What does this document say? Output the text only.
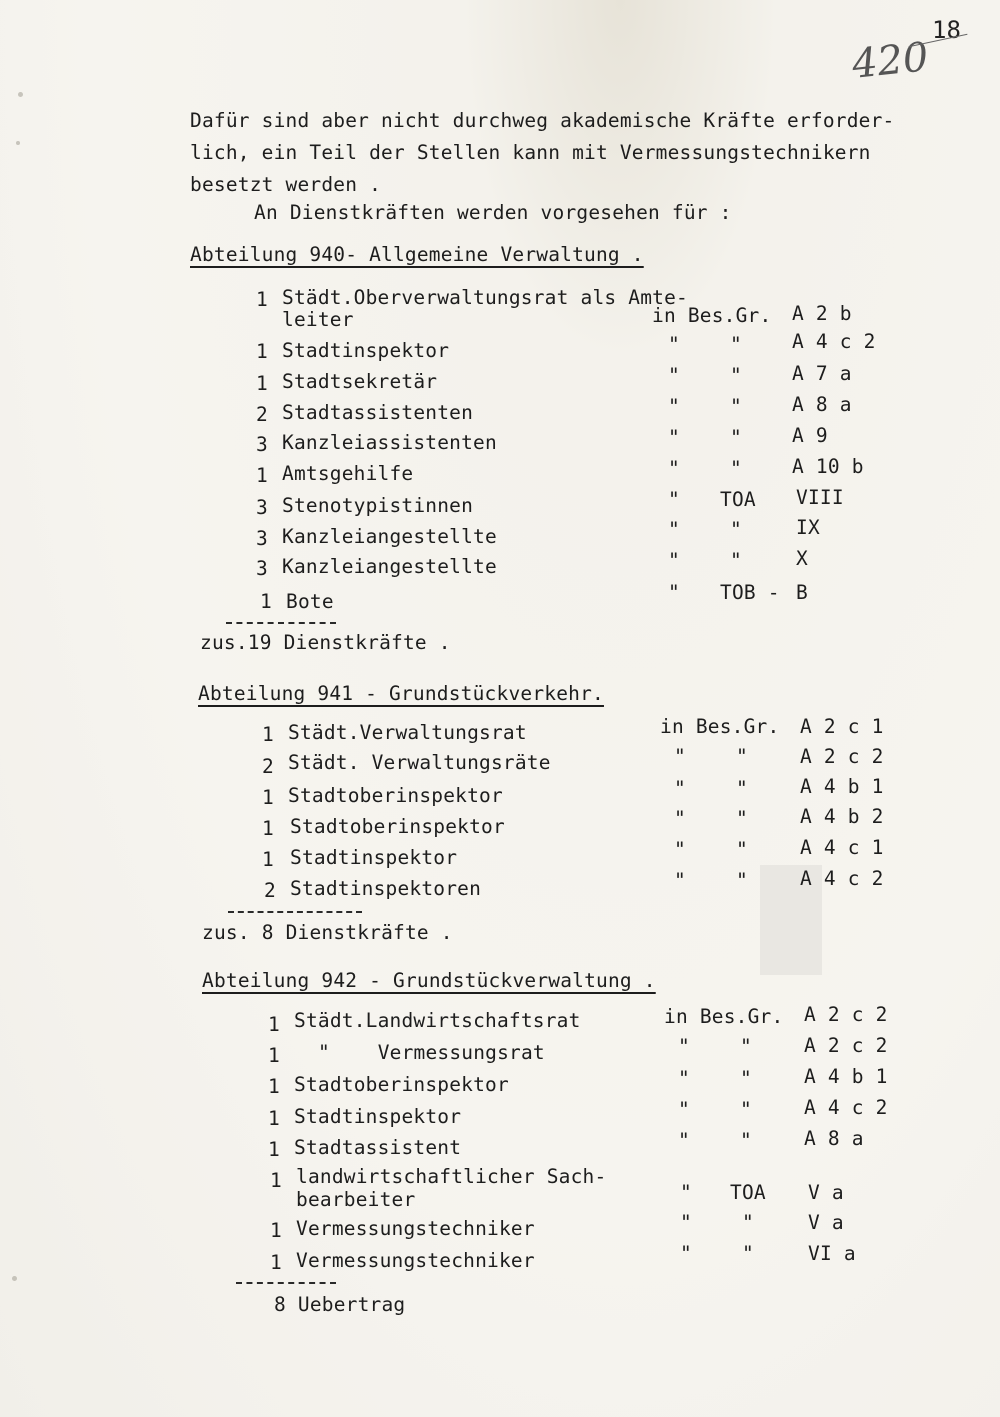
18
420
Dafür sind aber nicht durchweg akademische Kräfte erforder-
lich, ein Teil der Stellen kann mit Vermessungstechnikern
besetzt werden .
An Dienstkräften werden vorgesehen für :
Abteilung 940- Allgemeine Verwaltung .
1 Städt.Oberverwaltungsrat als Amte-
leiter	in Bes.Gr. A 2 b
1 Stadtinspektor	"	"	A 4 c 2
1 Stadtsekretär	"	"	A 7 a
2 Stadtassistenten	"	"	A 8 a
3 Kanzleiassistenten	"	"	A 9
1 Amtsgehilfe	"	"	A 10 b
3 Stenotypistinnen	" TOA VIII
3 Kanzleiangestellte	"	"	IX
3 Kanzleiangestellte	"	"	X
1 Bote	" TOB - B
zus.19 Dienstkräfte .
Abteilung 941 - Grundstückverkehr.
1 Städt.Verwaltungsrat	in Bes.Gr. A 2 c 1
2 Städt. Verwaltungsräte	"	"	A 2 c 2
1 Stadtoberinspektor	"	"	A 4 b 1
1 Stadtoberinspektor	"	"	A 4 b 2
1 Stadtinspektor	"	"	A 4 c 1
2 Stadtinspektoren	"	"	A 4 c 2
zus. 8 Dienstkräfte .
Abteilung 942 - Grundstückverwaltung .
1 Städt.Landwirtschaftsrat	in Bes.Gr. A 2 c 2
1 "    Vermessungsrat	"	"	A 2 c 2
1 Stadtoberinspektor	"	"	A 4 b 1
1 Stadtinspektor	"	"	A 4 c 2
1 Stadtassistent	"	"	A 8 a
1 landwirtschaftlicher Sach-
bearbeiter	" TOA V a
1 Vermessungstechniker	"	"	V a
1 Vermessungstechniker	"	"	VI a
8 Uebertrag
